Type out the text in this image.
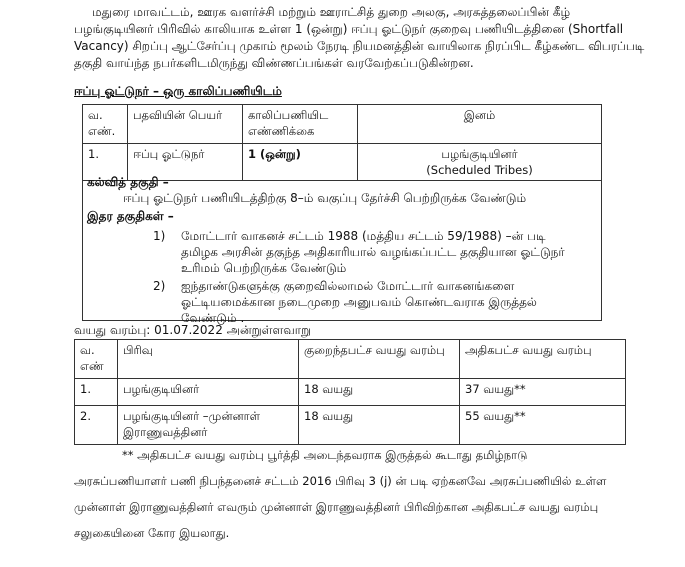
மதுரை மாவட்டம், ஊரக வளர்ச்சி மற்றும் ஊராட்சித் துறை அலகு, அரசுத்தலைப்பின் கீழ்

பழங்குடியினர் பிரிவில் காலியாக உள்ள 1 (ஒன்று) ஈப்பு ஓட்டுநர் குறைவு பணியிடத்தினை (Shortfall

Vacancy) சிறப்பு ஆட்சேர்ப்பு முகாம் மூலம் நேரடி நியமனத்தின் வாயிலாக நிரப்பிட கீழ்கண்ட விபரப்படி

தகுதி வாய்ந்த நபர்களிடமிருந்து விண்ணப்பங்கள் வரவேற்கப்படுகின்றன.

ஈப்பு ஓட்டுநர் – ஒரு காலிப்பணியிடம்
வ. எண்.	பதவியின் பெயர்	காலிப்பணியிட எண்ணிக்கை	இனம்
1.	ஈப்பு ஓட்டுநர்	1 (ஒன்று)	பழங்குடியினர்
(Scheduled Tribes)
கல்வித் தகுதி –
ஈப்பு ஓட்டுநர் பணியிடத்திற்கு 8–ம் வகுப்பு தேர்ச்சி பெற்றிருக்க வேண்டும்
இதர தகுதிகள் –
1)	மோட்டார் வாகனச் சட்டம் 1988 (மத்திய சட்டம் 59/1988) –ன் படி தமிழக அரசின் தகுந்த அதிகாரியால் வழங்கப்பட்ட தகுதியான ஓட்டுநர் உரிமம் பெற்றிருக்க வேண்டும்
2)	ஐந்தாண்டுகளுக்கு குறைவில்லாமல் மோட்டார் வாகனங்களை ஓட்டியமைக்கான நடைமுறை அனுபவம் கொண்டவராக இருத்தல் வேண்டும் .
வயது வரம்பு: 01.07.2022 அன்றுள்ளவாறு
வ. எண்	பிரிவு	குறைந்தபட்ச வயது வரம்பு	அதிகபட்ச வயது வரம்பு
1.	பழங்குடியினர்	18 வயது	37 வயது**
2.	பழங்குடியினர் –முன்னாள் இராணுவத்தினர்	18 வயது	55 வயது**

** அதிகபட்ச வயது வரம்பு பூர்த்தி அடைந்தவராக இருத்தல் கூடாது தமிழ்நாடு

அரசுப்பணியாளர் பணி நிபந்தனைச் சட்டம் 2016 பிரிவு 3 (j) ன் படி ஏற்கனவே அரசுப்பணியில் உள்ள

முன்னாள் இராணுவத்தினர் எவரும் முன்னாள் இராணுவத்தினர் பிரிவிற்கான அதிகபட்ச வயது வரம்பு

சலுகையினை கோர இயலாது.
